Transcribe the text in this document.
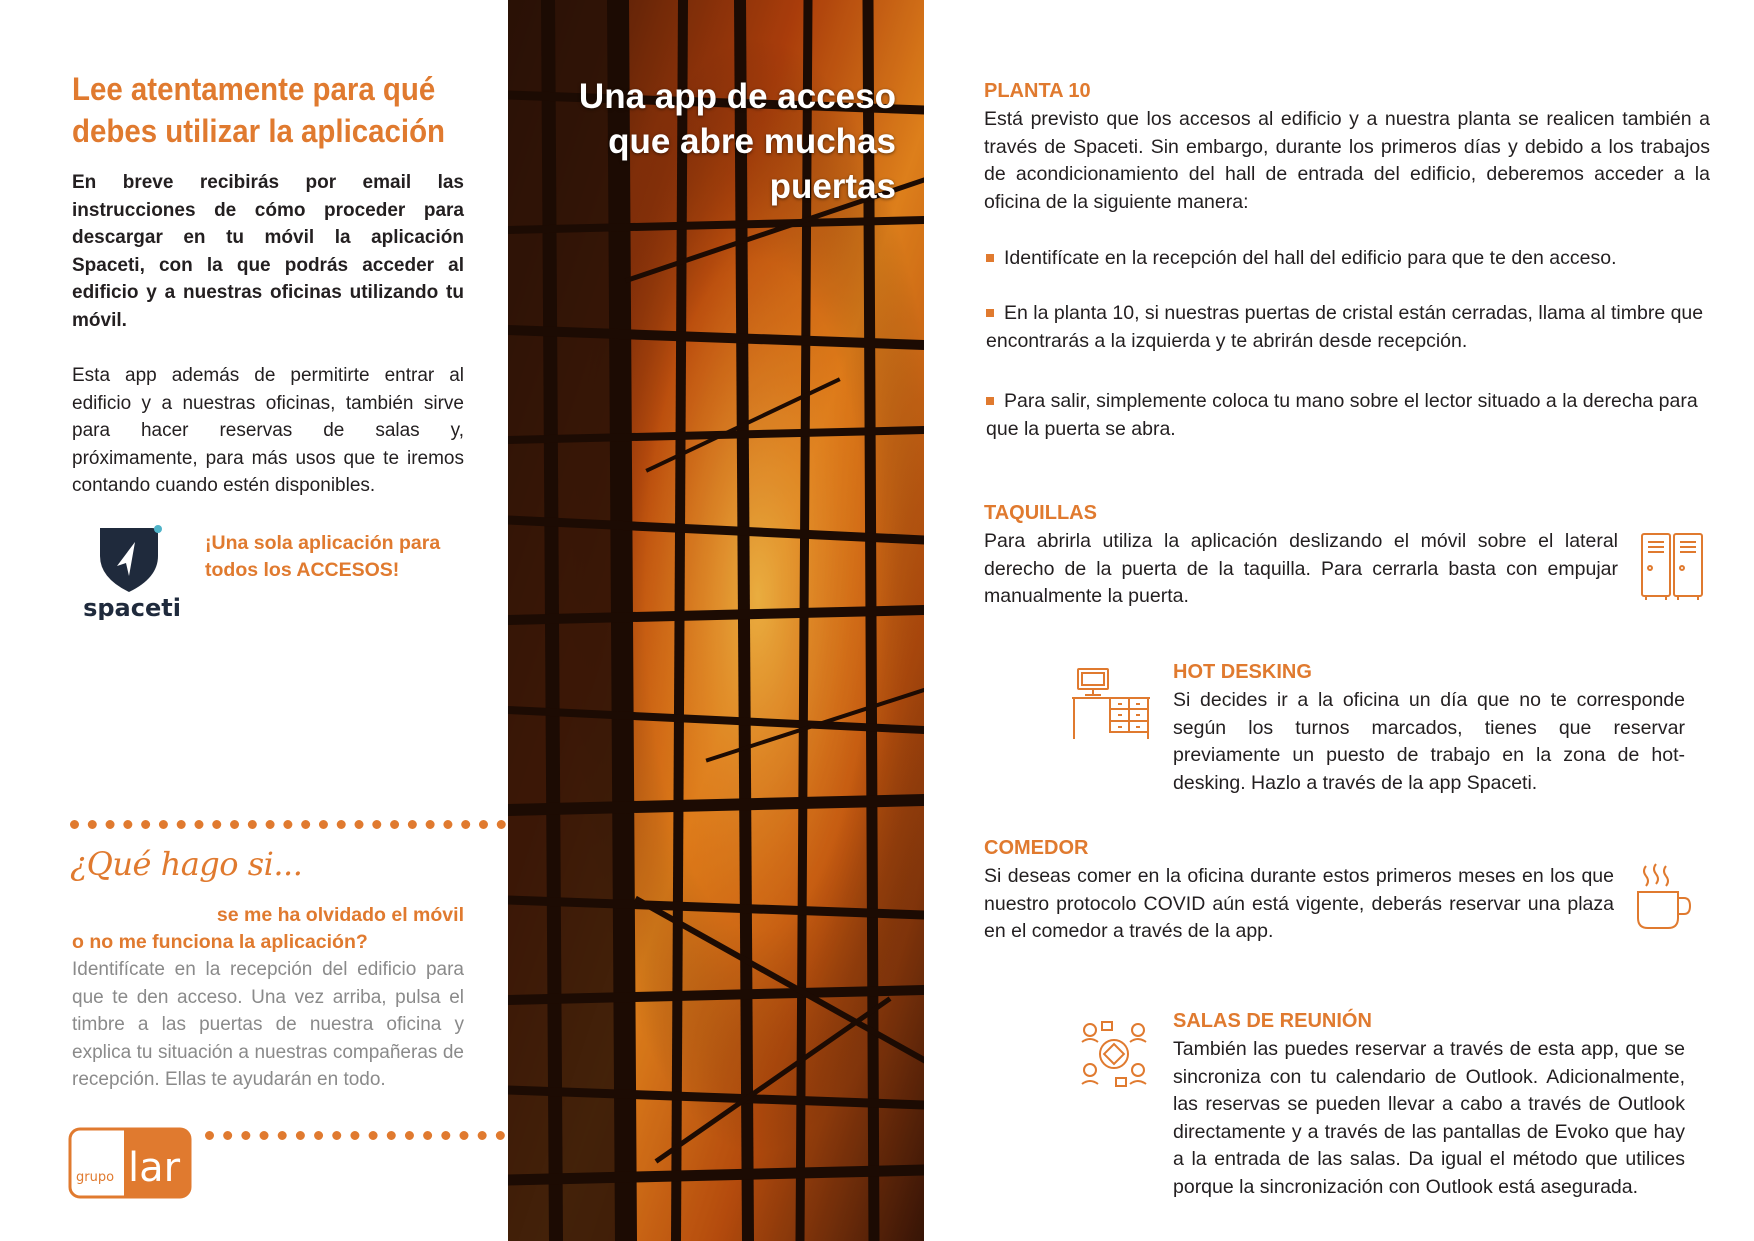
Lee atentamente para qué debes utilizar la aplicación

En breve recibirás por email las instrucciones de cómo proceder para descargar en tu móvil la aplicación Spaceti, con la que podrás acceder al edificio y a nuestras oficinas utilizando tu móvil.

Esta app además de permitirte entrar al edificio y a nuestras oficinas, también sirve para hacer reservas de salas y, próximamente, para más usos que te iremos contando cuando estén disponibles.

spaceti

¡Una sola aplicación para todos los ACCESOS!

¿Qué hago si...

se me ha olvidado el móvil

o no me funciona la aplicación?

Identifícate en la recepción del edificio para que te den acceso. Una vez arriba, pulsa el timbre a las puertas de nuestra oficina y explica tu situación a nuestras compañeras de recepción. Ellas te ayudarán en todo.

grupo lar
Una app de acceso que abre muchas puertas
PLANTA 10

Está previsto que los accesos al edificio y a nuestra planta se realicen también a través de Spaceti. Sin embargo, durante los primeros días y debido a los trabajos de acondicionamiento del hall de entrada del edificio, deberemos acceder a la oficina de la siguiente manera:

Identifícate en la recepción del hall del edificio para que te den acceso.

En la planta 10, si nuestras puertas de cristal están cerradas, llama al timbre que encontrarás a la izquierda y te abrirán desde recepción.

Para salir, simplemente coloca tu mano sobre el lector situado a la derecha para que la puerta se abra.

TAQUILLAS

Para abrirla utiliza la aplicación deslizando el móvil sobre el lateral derecho de la puerta de la taquilla. Para cerrarla basta con empujar manualmente la puerta.

HOT DESKING

Si decides ir a la oficina un día que no te corresponde según los turnos marcados, tienes que reservar previamente un puesto de trabajo en la zona de hot-desking. Hazlo a través de la app Spaceti.

COMEDOR

Si deseas comer en la oficina durante estos primeros meses en los que nuestro protocolo COVID aún está vigente, deberás reservar una plaza en el comedor a través de la app.

SALAS DE REUNIÓN

También las puedes reservar a través de esta app, que se sincroniza con tu calendario de Outlook. Adicionalmente, las reservas se pueden llevar a cabo a través de Outlook directamente y a través de las pantallas de Evoko que hay a la entrada de las salas. Da igual el método que utilices porque la sincronización con Outlook está asegurada.
